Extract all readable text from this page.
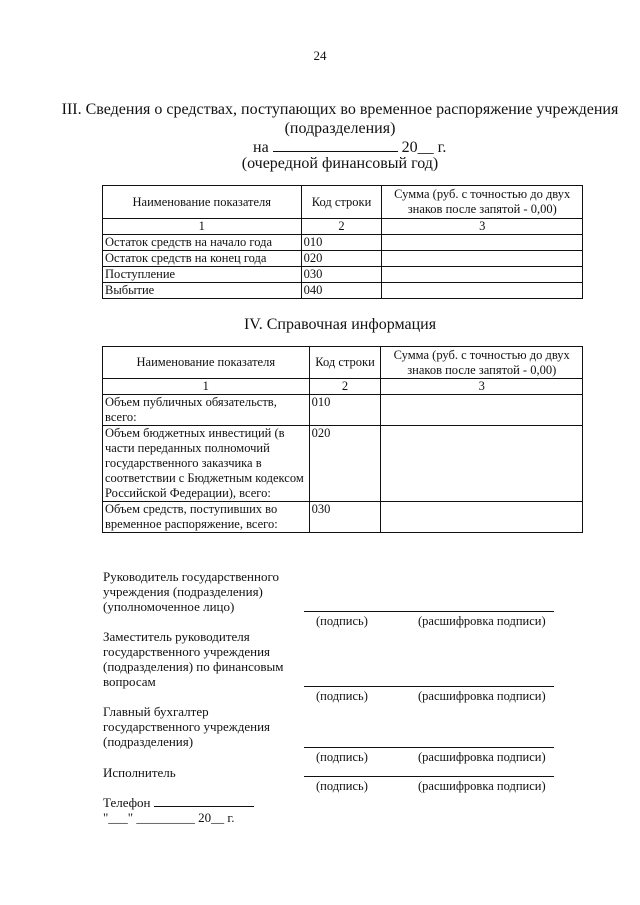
24
III. Сведения о средствах, поступающих во временное распоряжение учреждения
(подразделения)
на	20__ г.
(очередной финансовый год)
Наименование показателя	Код строки	Сумма (руб. с точностью до двух знаков после запятой - 0,00)
1	2	3
Остаток средств на начало года	010	
Остаток средств на конец года	020	
Поступление	030	
Выбытие	040	
IV. Справочная информация
Наименование показателя	Код строки	Сумма (руб. с точностью до двух знаков после запятой - 0,00)
1	2	3
Объем публичных обязательств, всего:	010	
Объем бюджетных инвестиций (в части переданных полномочий государственного заказчика в соответствии с Бюджетным кодексом Российской Федерации), всего:	020	
Объем средств, поступивших во временное распоряжение, всего:	030	
Руководитель государственного учреждения (подразделения) (уполномоченное лицо)
(подпись)	(расшифровка подписи)
Заместитель руководителя государственного учреждения (подразделения) по финансовым вопросам
(подпись)	(расшифровка подписи)
Главный бухгалтер государственного учреждения (подразделения)
(подпись)	(расшифровка подписи)
Исполнитель
(подпись)	(расшифровка подписи)
Телефон
"___" _________ 20__ г.
